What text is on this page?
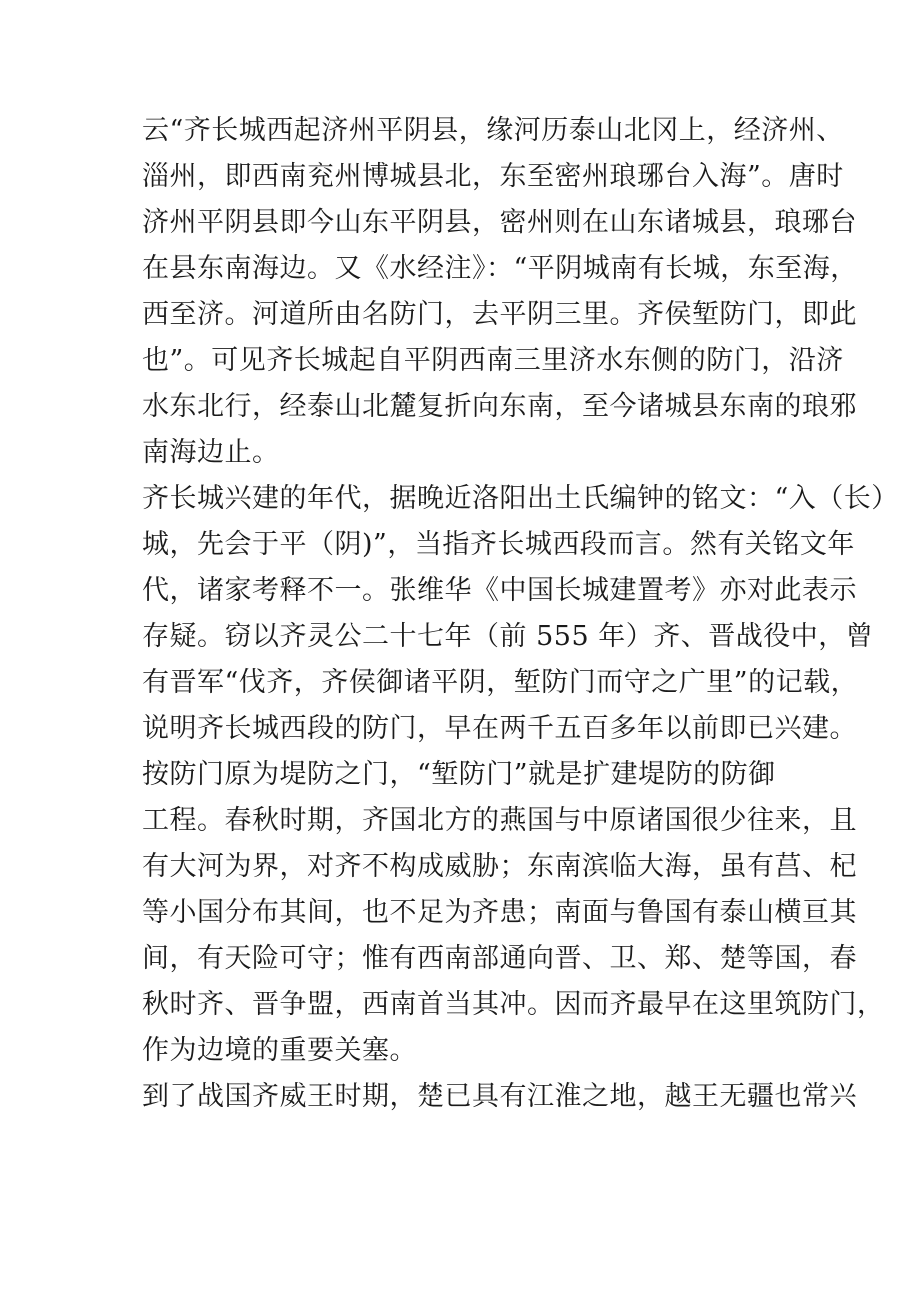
云“齐长城西起济州平阴县，缘河历泰山北冈上，经济州、
淄州，即西南兖州博城县北，东至密州琅琊台入海”。唐时
济州平阴县即今山东平阴县，密州则在山东诸城县，琅琊台
在县东南海边。又《水经注》：“平阴城南有长城，东至海，
西至济。河道所由名防门，去平阴三里。齐侯堑防门，即此
也”。可见齐长城起自平阴西南三里济水东侧的防门，沿济
水东北行，经泰山北麓复折向东南，至今诸城县东南的琅邪
南海边止。
齐长城兴建的年代，据晚近洛阳出土氏编钟的铭文：“入（长）
城，先会于平（阴)”，当指齐长城西段而言。然有关铭文年
代，诸家考释不一。张维华《中国长城建置考》亦对此表示
存疑。窃以齐灵公二十七年（前 555 年）齐、晋战役中，曾
有晋军“伐齐，齐侯御诸平阴，堑防门而守之广里”的记载，
说明齐长城西段的防门，早在两千五百多年以前即已兴建。
按防门原为堤防之门，“堑防门”就是扩建堤防的防御
工程。春秋时期，齐国北方的燕国与中原诸国很少往来，且
有大河为界，对齐不构成威胁；东南滨临大海，虽有莒、杞
等小国分布其间，也不足为齐患；南面与鲁国有泰山横亘其
间，有天险可守；惟有西南部通向晋、卫、郑、楚等国，春
秋时齐、晋争盟，西南首当其冲。因而齐最早在这里筑防门，
作为边境的重要关塞。
到了战国齐威王时期，楚已具有江淮之地，越王无疆也常兴
